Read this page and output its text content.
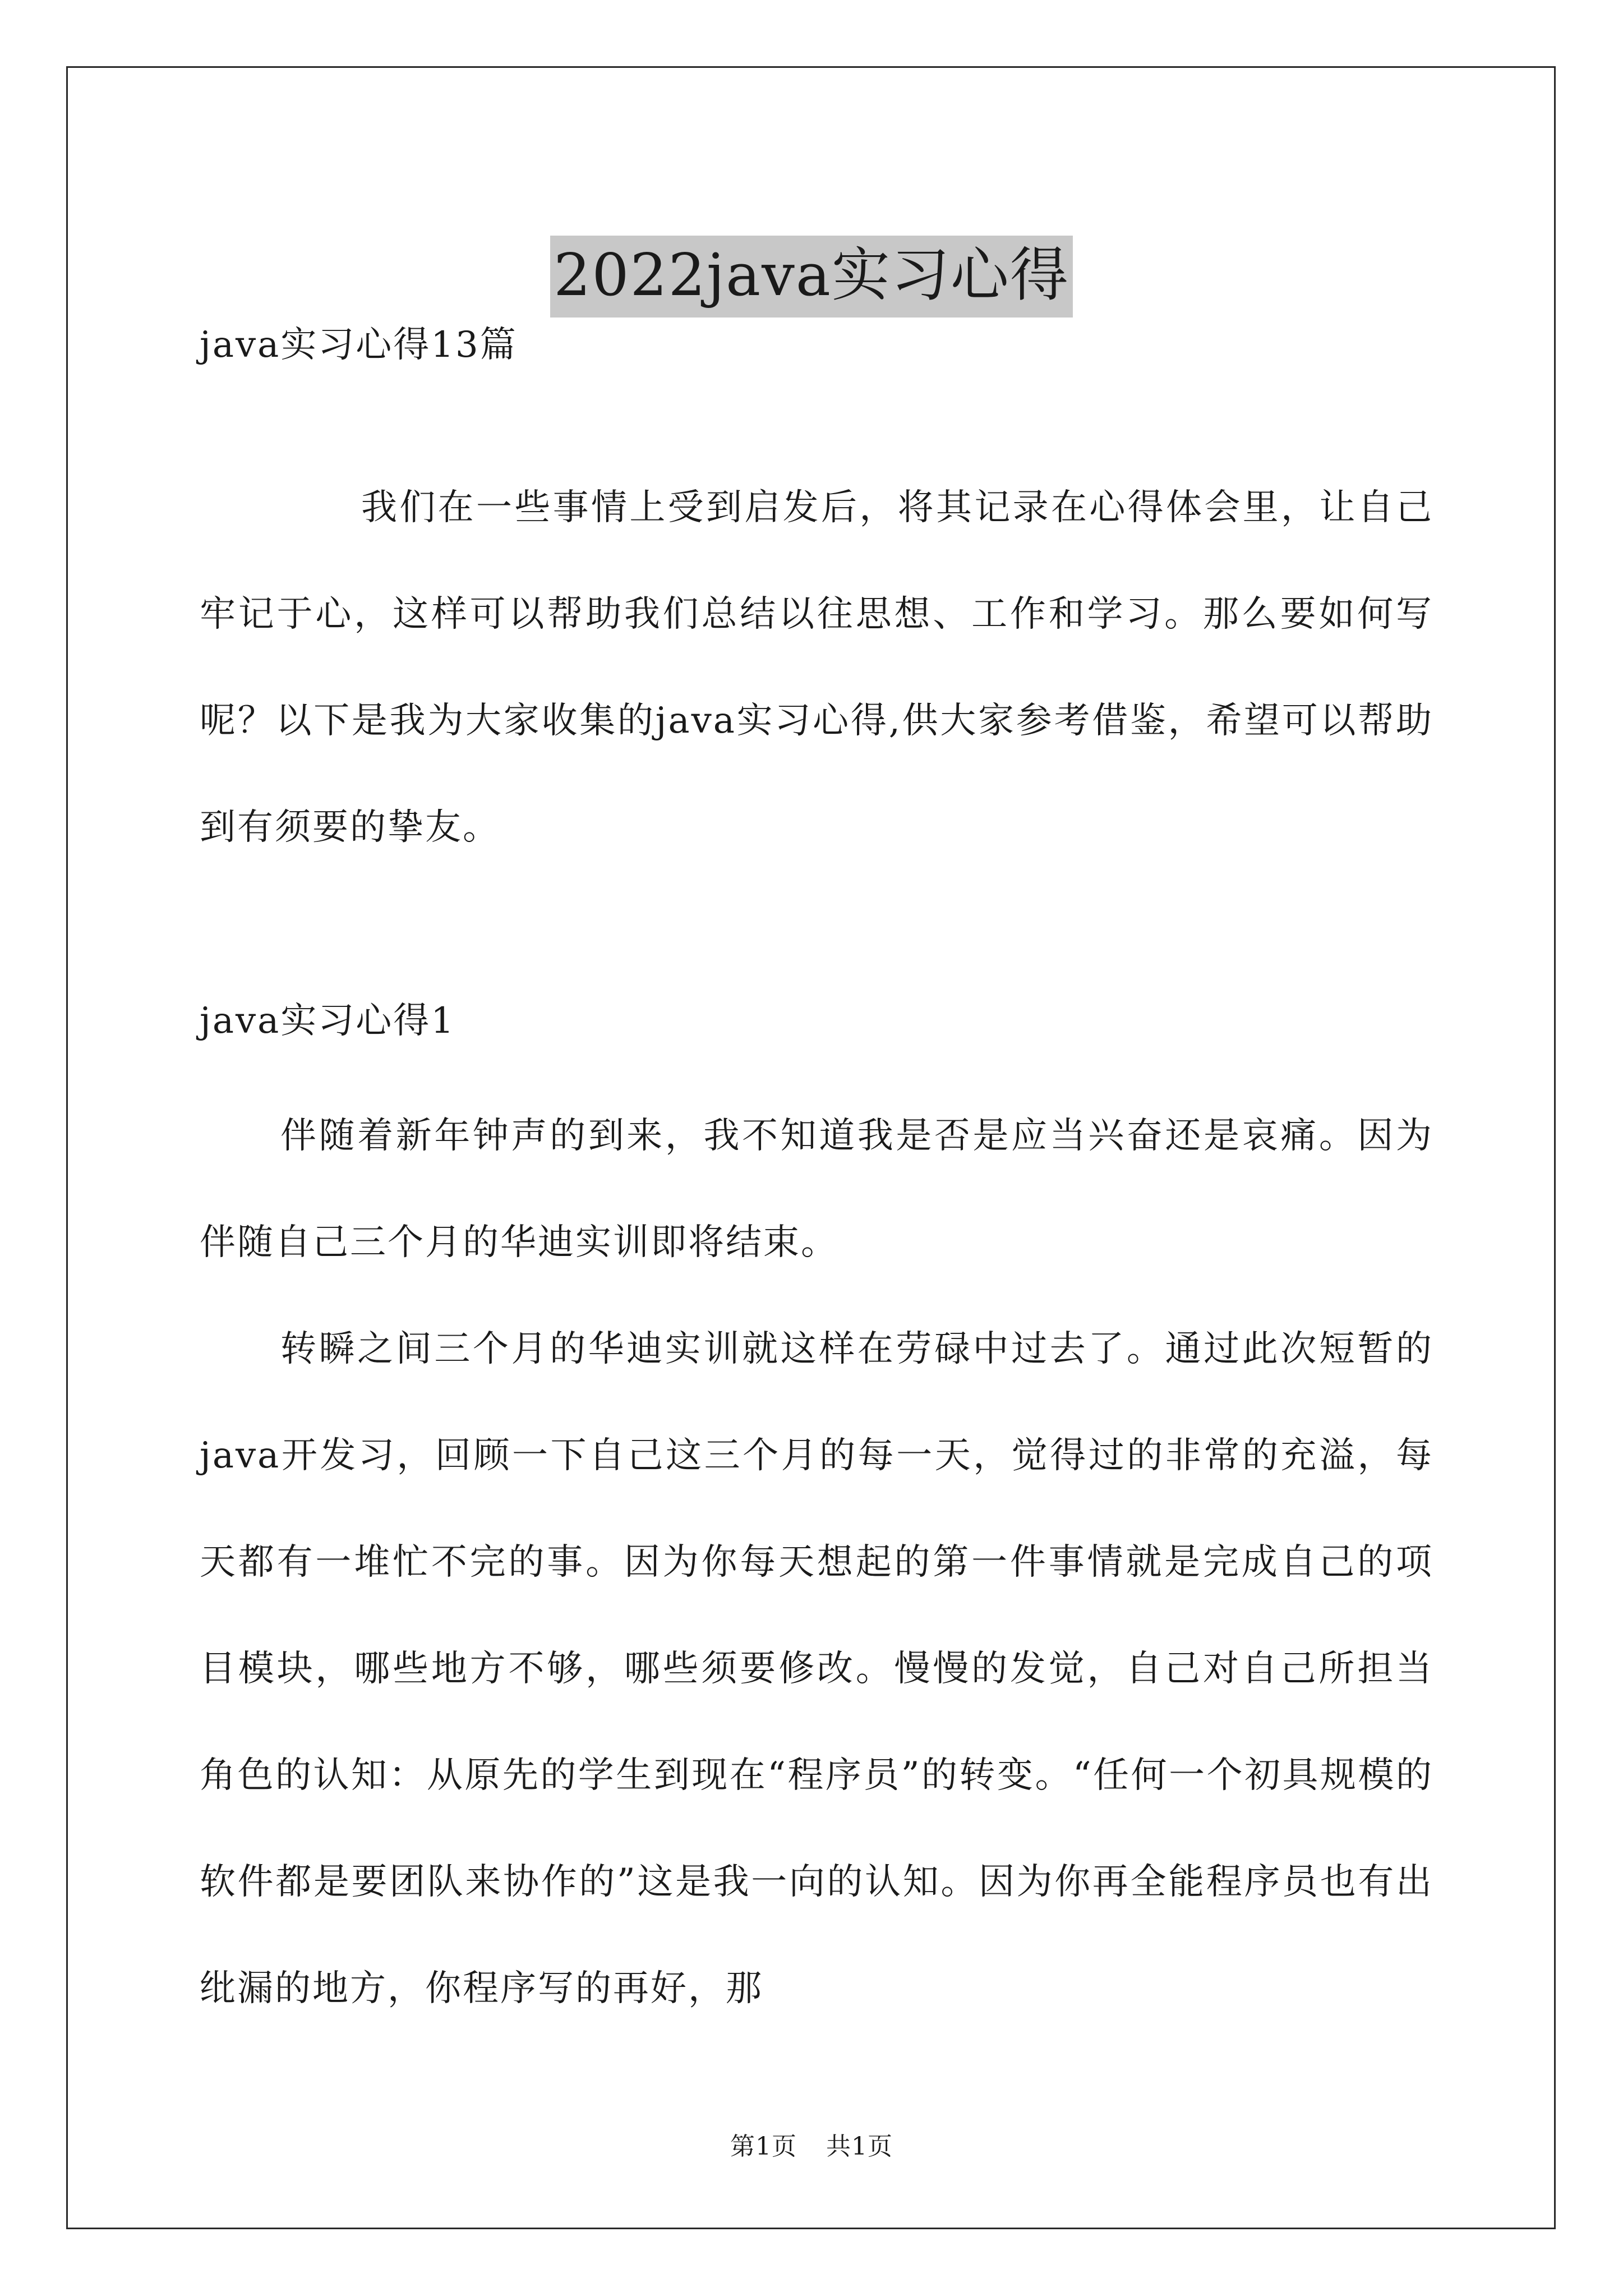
2022java实习心得

java实习心得13篇

我们在一些事情上受到启发后，将其记录在心得体会里，让自己牢记于心，这样可以帮助我们总结以往思想、工作和学习。那么要如何写呢？以下是我为大家收集的java实习心得,供大家参考借鉴，希望可以帮助到有须要的挚友。

java实习心得1

伴随着新年钟声的到来，我不知道我是否是应当兴奋还是哀痛。因为伴随自己三个月的华迪实训即将结束。

转瞬之间三个月的华迪实训就这样在劳碌中过去了。通过此次短暂的java开发习，回顾一下自己这三个月的每一天，觉得过的非常的充溢，每天都有一堆忙不完的事。因为你每天想起的第一件事情就是完成自己的项目模块，哪些地方不够，哪些须要修改。慢慢的发觉，自己对自己所担当角色的认知：从原先的学生到现在“程序员”的转变。“任何一个初具规模的软件都是要团队来协作的”这是我一向的认知。因为你再全能程序员也有出纰漏的地方，你程序写的再好，那

第1页 共1页
